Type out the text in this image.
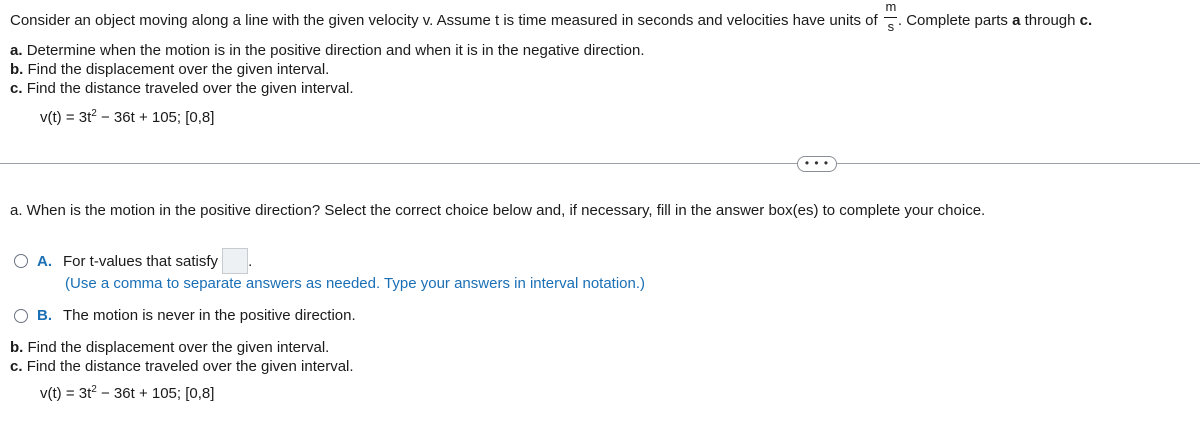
Consider an object moving along a line with the given velocity v. Assume t is time measured in seconds and velocities have units of $\frac{m}{s}$ . Complete parts a through c.
a. Determine when the motion is in the positive direction and when it is in the negative direction.
b. Find the displacement over the given interval.
c. Find the distance traveled over the given interval.
$v(t) = 3t^2 - 36t + 105$; [0,8]
• • •
a. When is the motion in the positive direction? Select the correct choice below and, if necessary, fill in the answer box(es) to complete your choice.
A. For t-values that satisfy .
(Use a comma to separate answers as needed. Type your answers in interval notation.)
B. The motion is never in the positive direction.
b. Find the displacement over the given interval.
c. Find the distance traveled over the given interval.
$v(t) = 3t^2 - 36t + 105$; [0,8]
